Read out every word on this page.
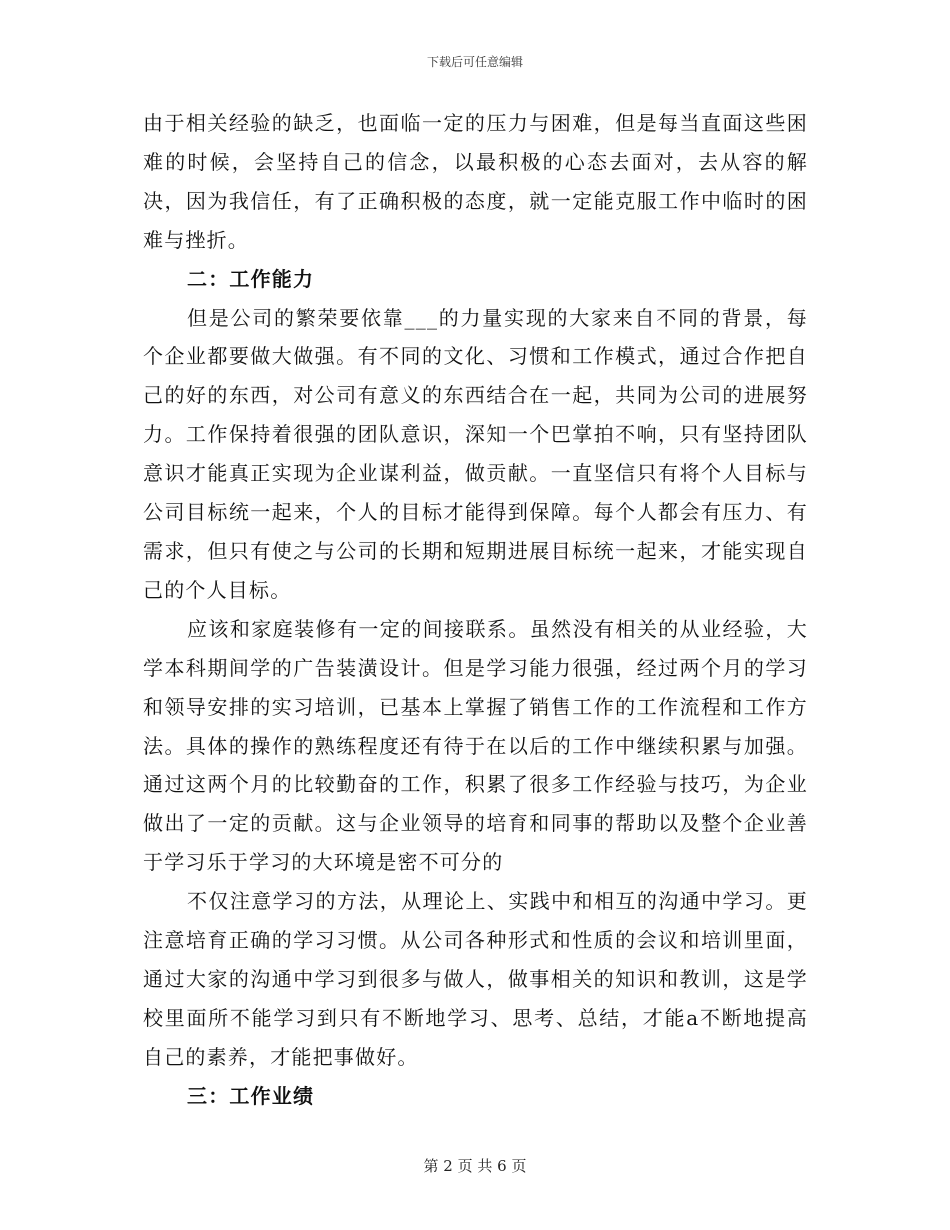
下载后可任意编辑

由于相关经验的缺乏，也面临一定的压力与困难，但是每当直面这些困难的时候，会坚持自己的信念，以最积极的心态去面对，去从容的解决，因为我信任，有了正确积极的态度，就一定能克服工作中临时的困难与挫折。

二：工作能力

但是公司的繁荣要依靠___的力量实现的大家来自不同的背景，每个企业都要做大做强。有不同的文化、习惯和工作模式，通过合作把自己的好的东西，对公司有意义的东西结合在一起，共同为公司的进展努力。工作保持着很强的团队意识，深知一个巴掌拍不响，只有坚持团队意识才能真正实现为企业谋利益，做贡献。一直坚信只有将个人目标与公司目标统一起来，个人的目标才能得到保障。每个人都会有压力、有需求，但只有使之与公司的长期和短期进展目标统一起来，才能实现自己的个人目标。

应该和家庭装修有一定的间接联系。虽然没有相关的从业经验，大学本科期间学的广告装潢设计。但是学习能力很强，经过两个月的学习和领导安排的实习培训，已基本上掌握了销售工作的工作流程和工作方法。具体的操作的熟练程度还有待于在以后的工作中继续积累与加强。通过这两个月的比较勤奋的工作，积累了很多工作经验与技巧，为企业做出了一定的贡献。这与企业领导的培育和同事的帮助以及整个企业善于学习乐于学习的大环境是密不可分的

不仅注意学习的方法，从理论上、实践中和相互的沟通中学习。更注意培育正确的学习习惯。从公司各种形式和性质的会议和培训里面，通过大家的沟通中学习到很多与做人，做事相关的知识和教训，这是学校里面所不能学习到只有不断地学习、思考、总结，才能a不断地提高自己的素养，才能把事做好。

三：工作业绩

第 2 页 共 6 页
